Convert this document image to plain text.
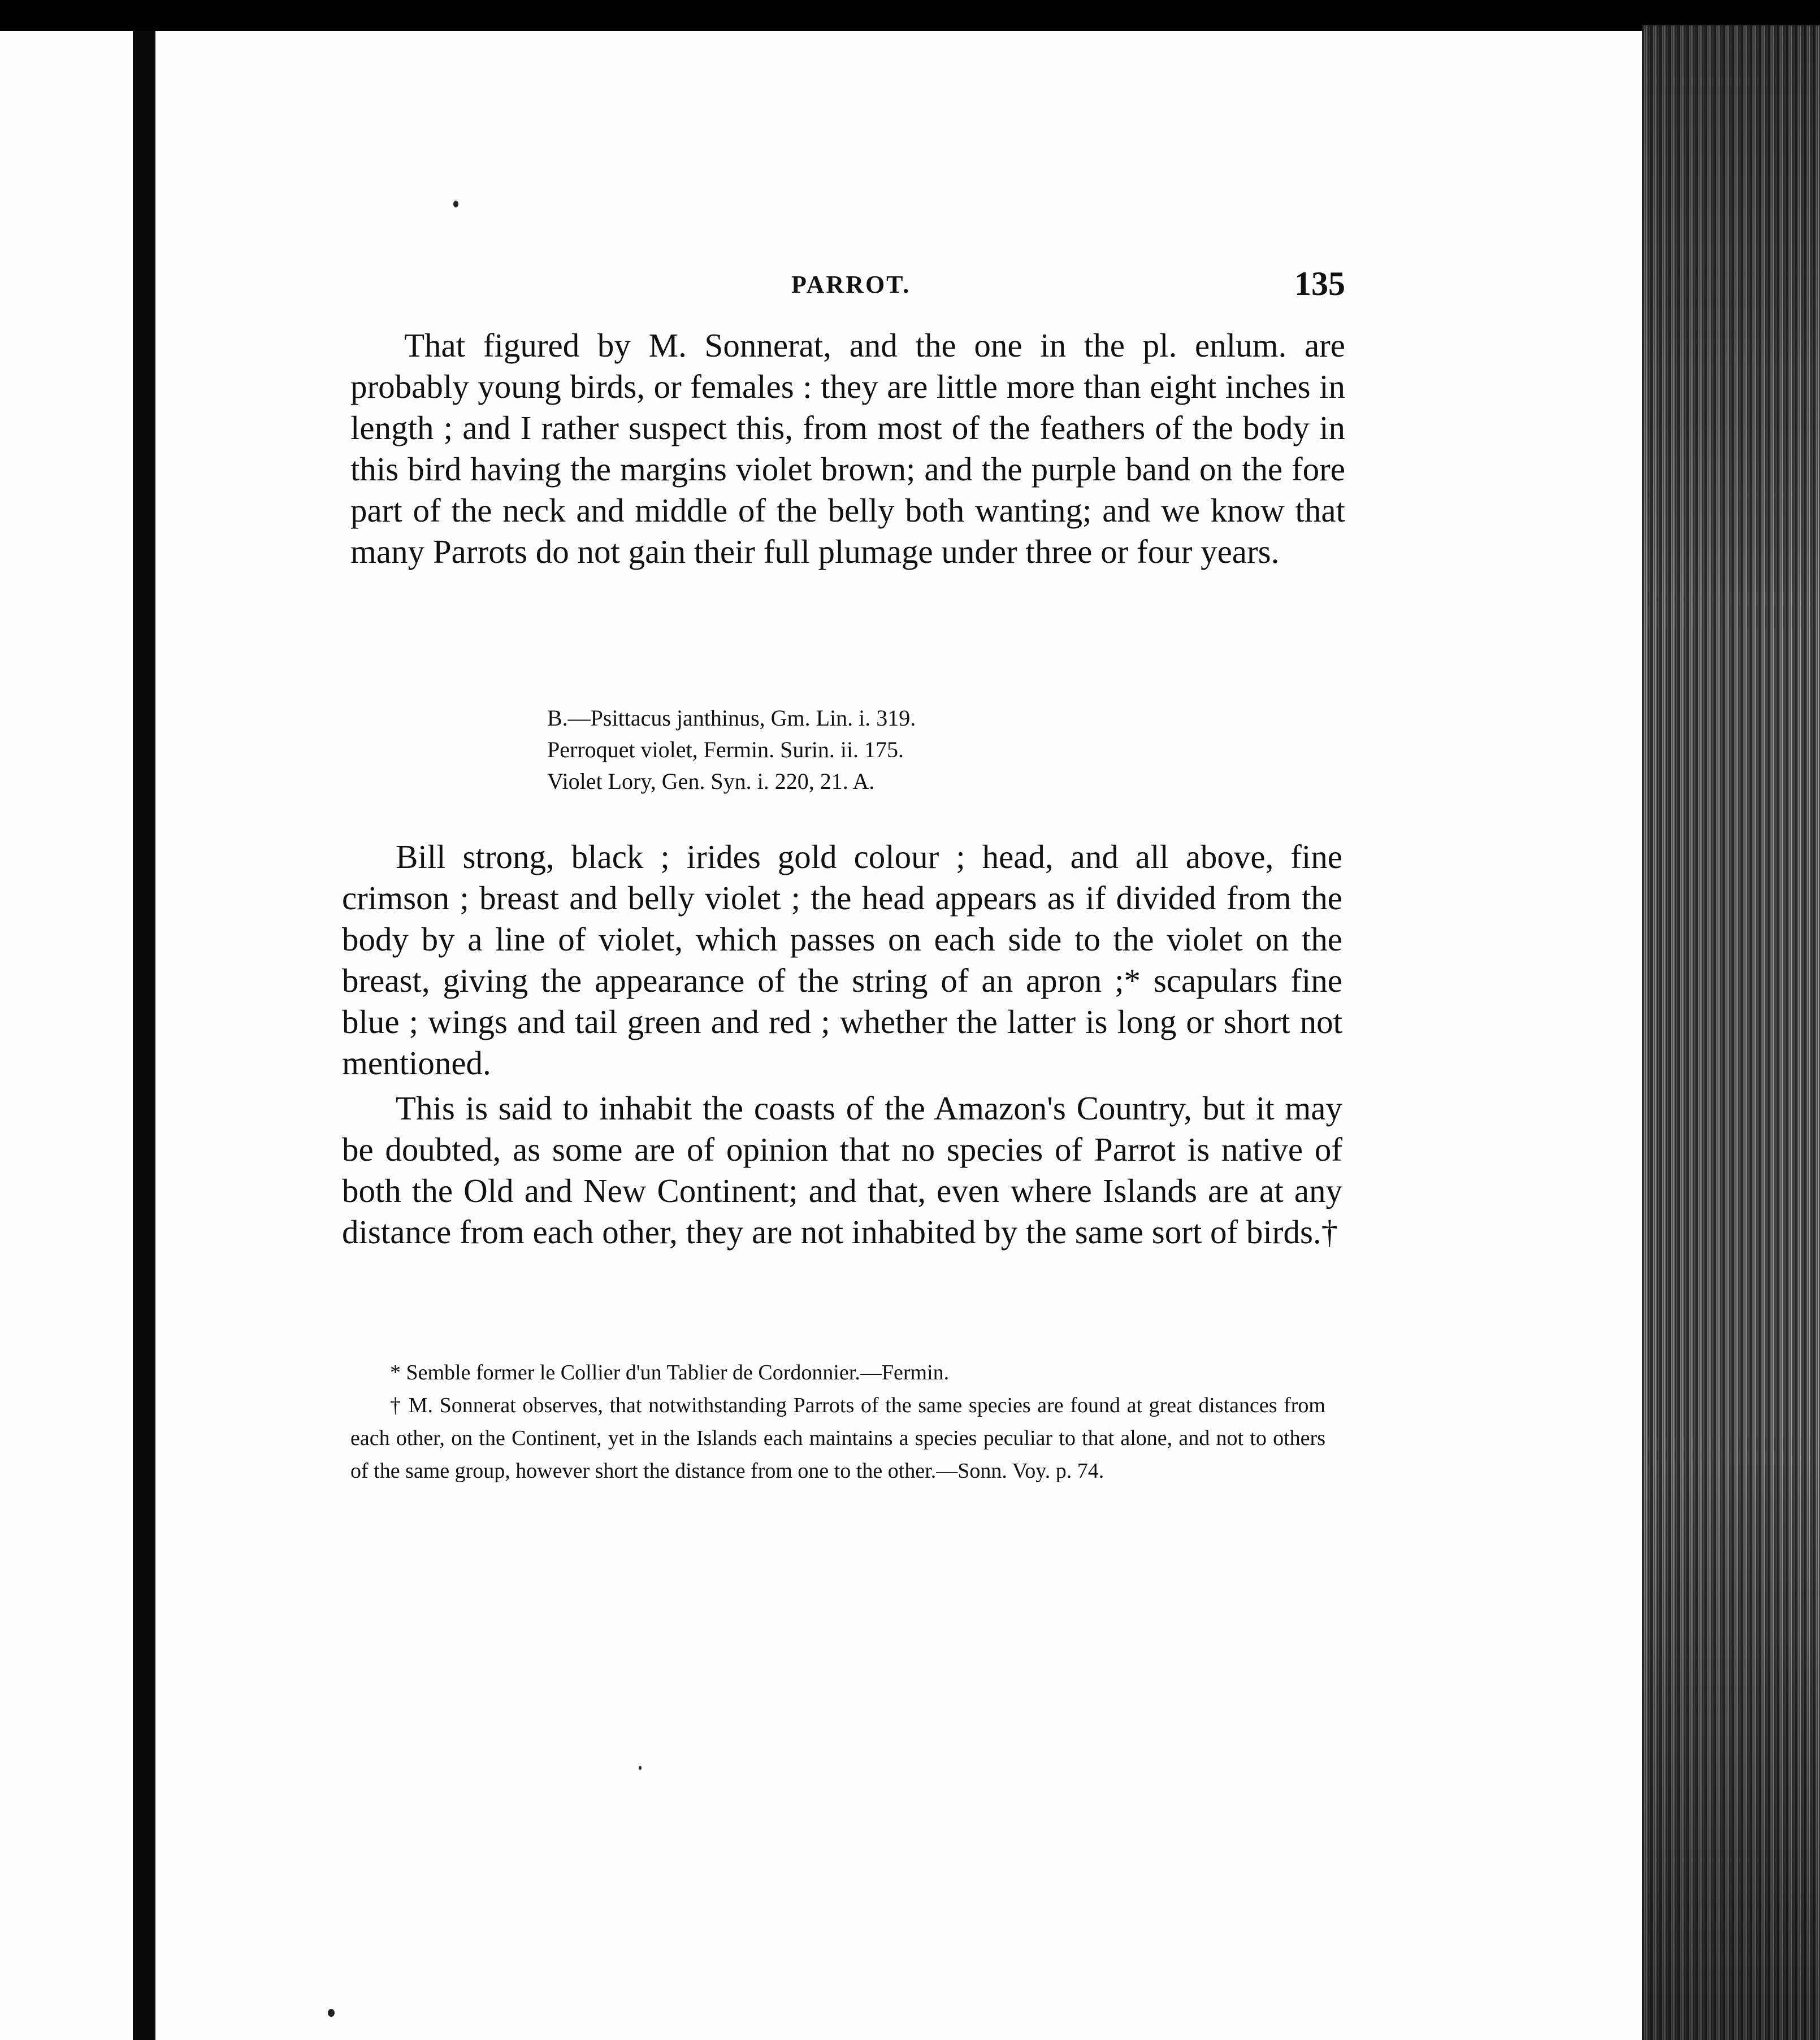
PARROT.	135

That figured by M. Sonnerat, and the one in the pl. enlum. are probably young birds, or females : they are little more than eight inches in length ; and I rather suspect this, from most of the feathers of the body in this bird having the margins violet brown; and the purple band on the fore part of the neck and middle of the belly both wanting; and we know that many Parrots do not gain their full plumage under three or four years.

B.—Psittacus janthinus, Gm. Lin. i. 319.
Perroquet violet, Fermin. Surin. ii. 175.
Violet Lory, Gen. Syn. i. 220, 21. A.

Bill strong, black ; irides gold colour ; head, and all above, fine crimson ; breast and belly violet ; the head appears as if divided from the body by a line of violet, which passes on each side to the violet on the breast, giving the appearance of the string of an apron ;* scapulars fine blue ; wings and tail green and red ; whether the latter is long or short not mentioned.

This is said to inhabit the coasts of the Amazon's Country, but it may be doubted, as some are of opinion that no species of Parrot is native of both the Old and New Continent; and that, even where Islands are at any distance from each other, they are not inhabited by the same sort of birds.†

* Semble former le Collier d'un Tablier de Cordonnier.—Fermin.

† M. Sonnerat observes, that notwithstanding Parrots of the same species are found at great distances from each other, on the Continent, yet in the Islands each maintains a species peculiar to that alone, and not to others of the same group, however short the distance from one to the other.—Sonn. Voy. p. 74.
